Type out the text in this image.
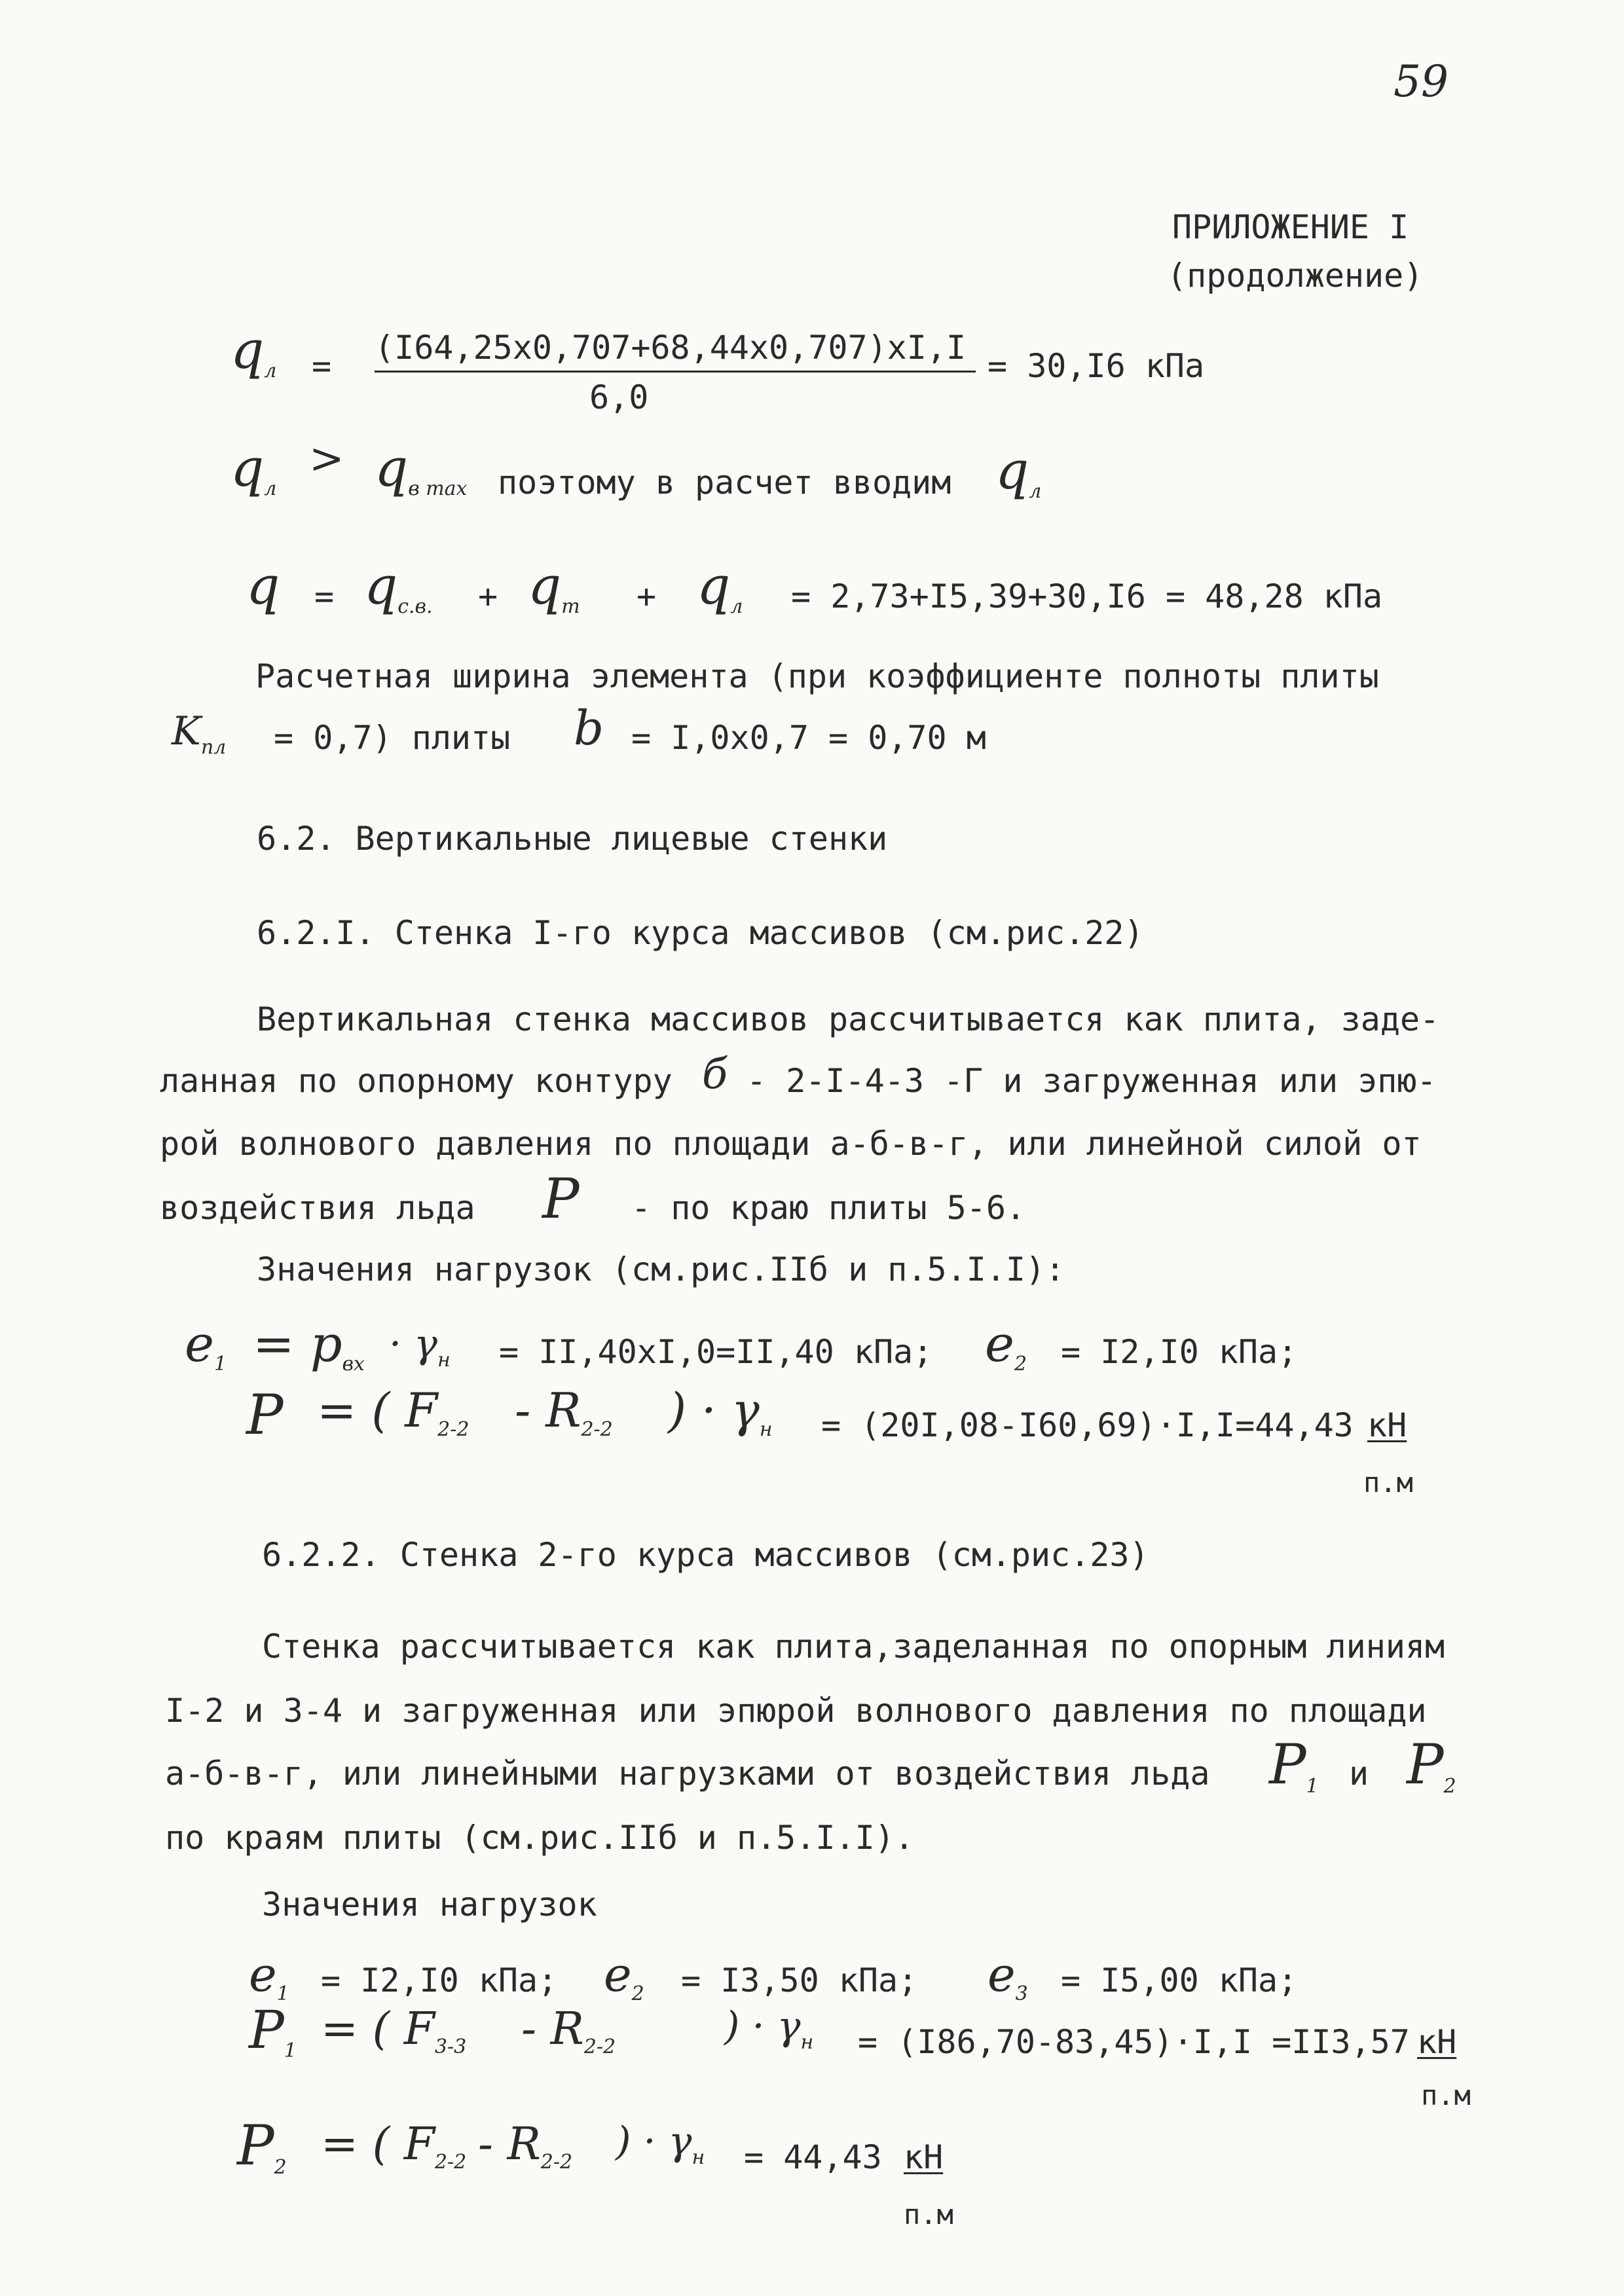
59
ПРИЛОЖЕНИЕ I
(продолжение)
$q_л = (I64,25х0,707+68,44х0,707)хI,I$
6,0
= 30,I6 кПа
$q_л$
> $q_{в max}$ поэтому в расчет вводим $q_л$
$q = q_{с.в.} + q_т + q_л = 2,73+I5,39+30,I6 = 48,28$ кПа
Расчетная ширина элемента (при коэффициенте полноты плиты
$K_{пл} = 0,7$) плиты b = I,0х0,7 = 0,70 м
6.2. Вертикальные лицевые стенки
6.2.I. Стенка I-го курса массивов (см.рис.22)
Вертикальная стенка массивов рассчитывается как плита, заде-
ланная по опорному контуру б - 2-I-4-3 -Г и загруженная или эпю-
рой волнового давления по площади а-б-в-г, или линейной силой от
воздействия льда P - по краю плиты 5-6.
Значения нагрузок (см.рис.IIб и п.5.I.I):
$e_1 = p_{вх} \cdot \gamma_н = II,40хI,0=II,40$ кПа; $e_2 = I2,I0$ кПа;
P = ( $F_{2-2} - R_{2-2}$ ) · $\gamma_н = (20I,08-I60,69)\cdot I,I=44,43$ кН
п.м
6.2.2. Стенка 2-го курса массивов (см.рис.23)
Стенка рассчитывается как плита,заделанная по опорным линиям
I-2 и 3-4 и загруженная или эпюрой волнового давления по площади
а-б-в-г, или линейными нагрузками от воздействия льда $P_1$ и $P_2$
по краям плиты (см.рис.IIб и п.5.I.I).
Значения нагрузок
$e_1 = I2,I0$ кПа; $e_2 = I3,50$ кПа; $e_3 = I5,00$ кПа;
$P_1$ = ( $F_{3-3} - R_{2-2}$	) · $\gamma_н = (I86,70-83,45)\cdot I,I =II3,57$ кН
п.м
$P_2$ = ( $F_{2-2} - R_{2-2}$ ) · $\gamma_н = 44,43$ кН
п.м
